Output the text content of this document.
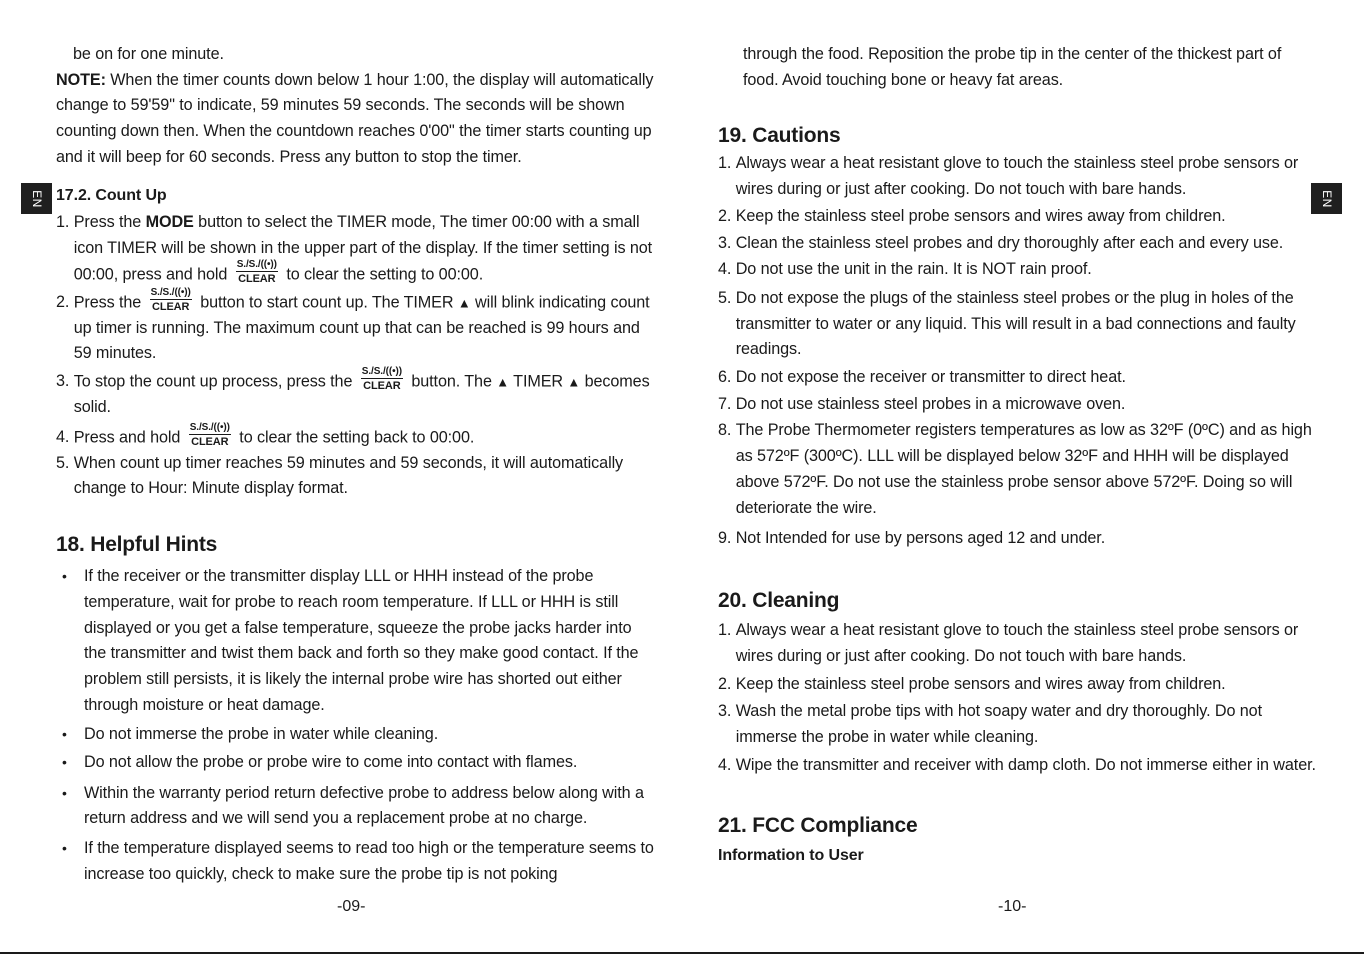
be on for one minute.

NOTE: When the timer counts down below 1 hour 1:00, the display will automatically change to 59'59" to indicate, 59 minutes 59 seconds. The seconds will be shown counting down then. When the countdown reaches 0'00" the timer starts counting up and it will beep for 60 seconds. Press any button to stop the timer.

17.2. Count Up

1. Press the MODE button to select the TIMER mode, The timer 00:00 with a small icon TIMER will be shown in the upper part of the display. If the timer setting is not 00:00, press and hold $\frac{S./S./((•))}{\text{CLEAR}}$ to clear the setting to 00:00.
2. Press the $\frac{S./S./((•))}{\text{CLEAR}}$ button to start count up. The TIMER ▲ will blink indicating count up timer is running. The maximum count up that can be reached is 99 hours and 59 minutes.
3. To stop the count up process, press the $\frac{S./S./((•))}{\text{CLEAR}}$ button. The ▲ TIMER ▲ becomes solid.
4. Press and hold $\frac{S./S./((•))}{\text{CLEAR}}$ to clear the setting back to 00:00.
5. When count up timer reaches 59 minutes and 59 seconds, it will automatically change to Hour: Minute display format.

18. Helpful Hints

•	If the receiver or the transmitter display LLL or HHH instead of the probe temperature, wait for probe to reach room temperature. If LLL or HHH is still displayed or you get a false temperature, squeeze the probe jacks harder into the transmitter and twist them back and forth so they make good contact. If the problem still persists, it is likely the internal probe wire has shorted out either through moisture or heat damage.
•	Do not immerse the probe in water while cleaning.
•	Do not allow the probe or probe wire to come into contact with flames.
•	Within the warranty period return defective probe to address below along with a return address and we will send you a replacement probe at no charge.
•	If the temperature displayed seems to read too high or the temperature seems to increase too quickly, check to make sure the probe tip is not poking
-09-

through the food. Reposition the probe tip in the center of the thickest part of food. Avoid touching bone or heavy fat areas.

19. Cautions

1. Always wear a heat resistant glove to touch the stainless steel probe sensors or wires during or just after cooking. Do not touch with bare hands.
2. Keep the stainless steel probe sensors and wires away from children.
3. Clean the stainless steel probes and dry thoroughly after each and every use.
4. Do not use the unit in the rain. It is NOT rain proof.
5. Do not expose the plugs of the stainless steel probes or the plug in holes of the transmitter to water or any liquid. This will result in a bad connections and faulty readings.
6. Do not expose the receiver or transmitter to direct heat.
7. Do not use stainless steel probes in a microwave oven.
8. The Probe Thermometer registers temperatures as low as 32ºF (0ºC) and as high as 572ºF (300ºC). LLL will be displayed below 32ºF and HHH will be displayed above 572ºF. Do not use the stainless probe sensor above 572ºF. Doing so will deteriorate the wire.
9. Not Intended for use by persons aged 12 and under.

20. Cleaning

1. Always wear a heat resistant glove to touch the stainless steel probe sensors or wires during or just after cooking. Do not touch with bare hands.
2. Keep the stainless steel probe sensors and wires away from children.
3. Wash the metal probe tips with hot soapy water and dry thoroughly. Do not immerse the probe in water while cleaning.
4. Wipe the transmitter and receiver with damp cloth. Do not immerse either in water.

21. FCC Compliance

Information to User

-10-
EN	EN
